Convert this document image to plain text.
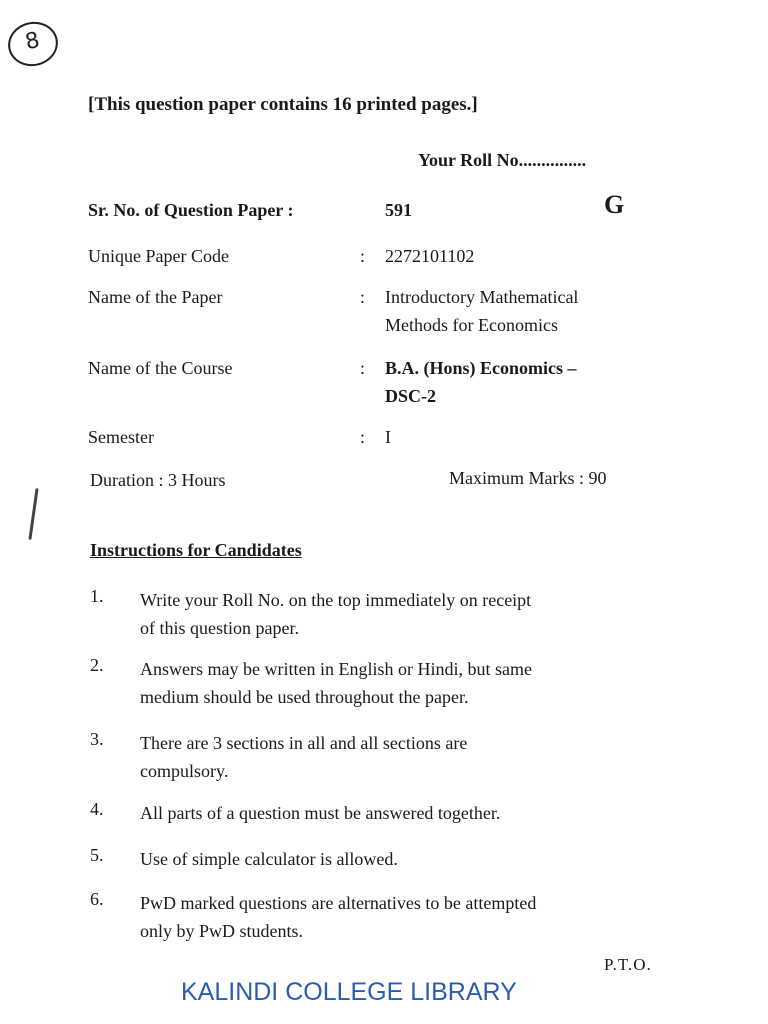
8
[This question paper contains 16 printed pages.]
Your Roll No...............
Sr. No. of Question Paper :	591	G
Unique Paper Code	: 2272101102
Name of the Paper	: Introductory Mathematical
Methods for Economics
Name of the Course	: B.A. (Hons) Economics –
DSC-2
Semester	: I
Duration : 3 Hours	Maximum Marks : 90
Instructions for Candidates
1. Write your Roll No. on the top immediately on receipt
of this question paper.
2. Answers may be written in English or Hindi, but same
medium should be used throughout the paper.
3. There are 3 sections in all and all sections are
compulsory.
4. All parts of a question must be answered together.
5. Use of simple calculator is allowed.
6. PwD marked questions are alternatives to be attempted
only by PwD students.
P.T.O.
KALINDI COLLEGE LIBRARY
